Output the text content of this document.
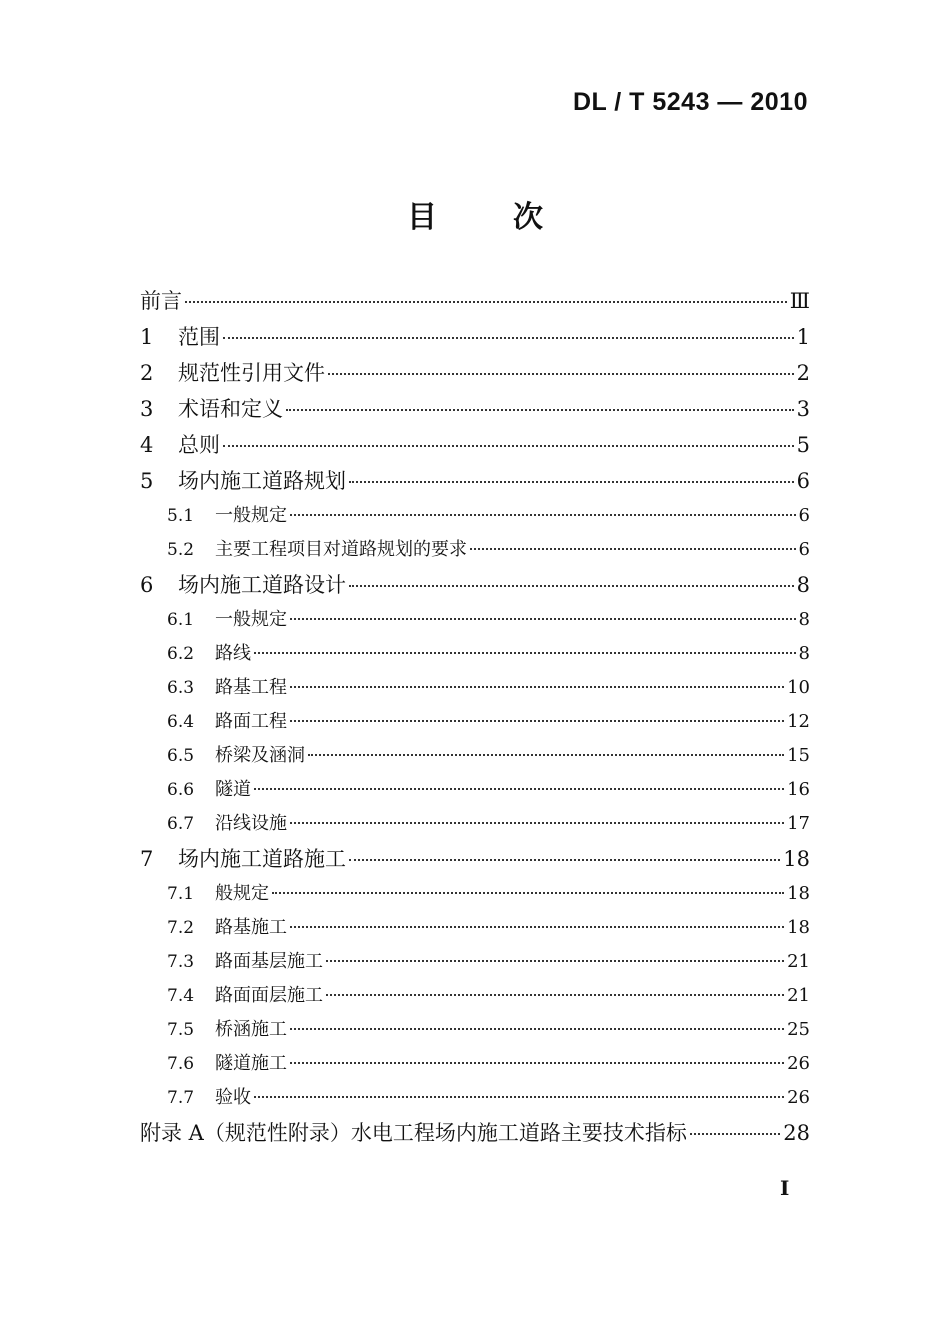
DL / T 5243 — 2010
目	次
前言	Ⅲ
1	范围	1
2	规范性引用文件	2
3	术语和定义	3
4	总则	5
5	场内施工道路规划	6
5.1	一般规定	6
5.2	主要工程项目对道路规划的要求	6
6	场内施工道路设计	8
6.1	一般规定	8
6.2	路线	8
6.3	路基工程	10
6.4	路面工程	12
6.5	桥梁及涵洞	15
6.6	隧道	16
6.7	沿线设施	17
7	场内施工道路施工	18
7.1	般规定	18
7.2	路基施工	18
7.3	路面基层施工	21
7.4	路面面层施工	21
7.5	桥涵施工	25
7.6	隧道施工	26
7.7	验收	26
附录 A（规范性附录）水电工程场内施工道路主要技术指标	28
I
